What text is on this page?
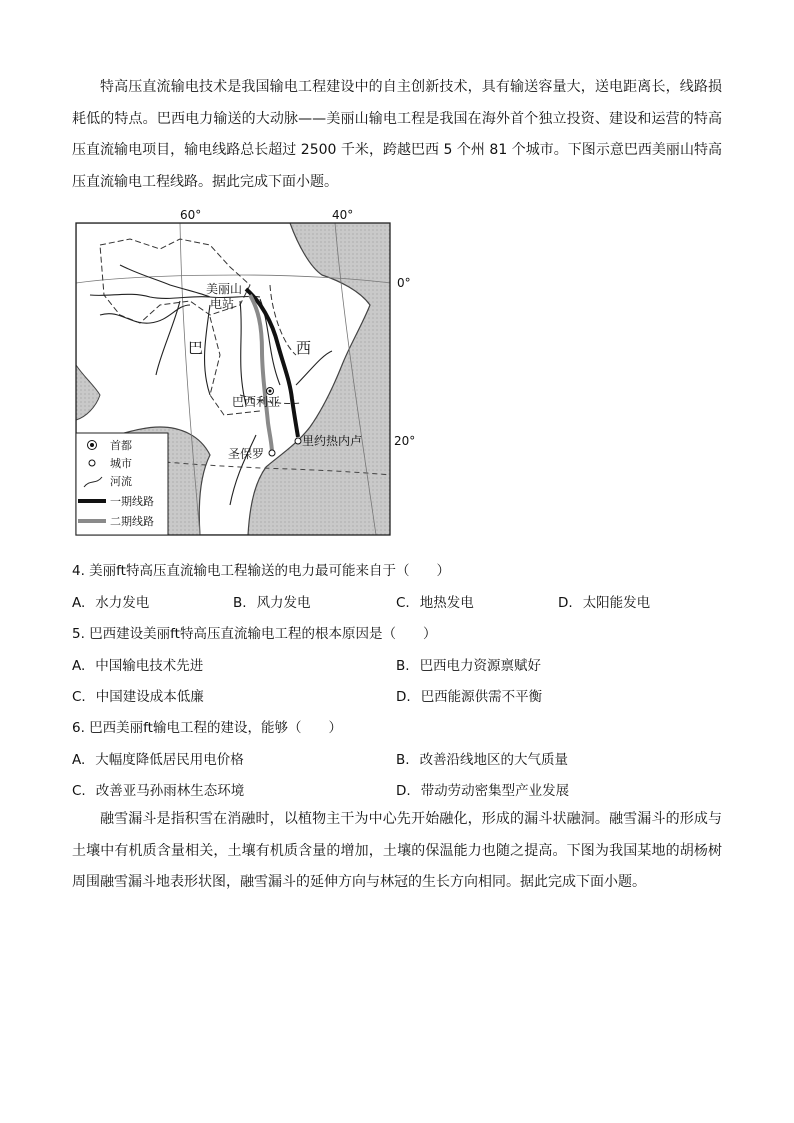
特高压直流输电技术是我国输电工程建设中的自主创新技术，具有输送容量大，送电距离长，线路损耗低的特点。巴西电力输送的大动脉——美丽山输电工程是我国在海外首个独立投资、建设和运营的特高压直流输电项目，输电线路总长超过 2500 千米，跨越巴西 5 个州 81 个城市。下图示意巴西美丽山特高压直流输电工程线路。据此完成下面小题。

60°	40°
0°
20°
美丽山
电站
巴	西
巴西利亚
里约热内卢
圣保罗
首都
城市
河流
一期线路
二期线路
4. 美丽ft特高压直流输电工程输送的电力最可能来自于（　　）
A. 水力发电	B. 风力发电	C. 地热发电	D. 太阳能发电
5. 巴西建设美丽ft特高压直流输电工程的根本原因是（　　）
A. 中国输电技术先进	B. 巴西电力资源禀赋好
C. 中国建设成本低廉	D. 巴西能源供需不平衡
6. 巴西美丽ft输电工程的建设，能够（　　）
A. 大幅度降低居民用电价格	B. 改善沿线地区的大气质量
C. 改善亚马孙雨林生态环境	D. 带动劳动密集型产业发展

融雪漏斗是指积雪在消融时，以植物主干为中心先开始融化，形成的漏斗状融洞。融雪漏斗的形成与土壤中有机质含量相关，土壤有机质含量的增加，土壤的保温能力也随之提高。下图为我国某地的胡杨树周围融雪漏斗地表形状图，融雪漏斗的延伸方向与林冠的生长方向相同。据此完成下面小题。
